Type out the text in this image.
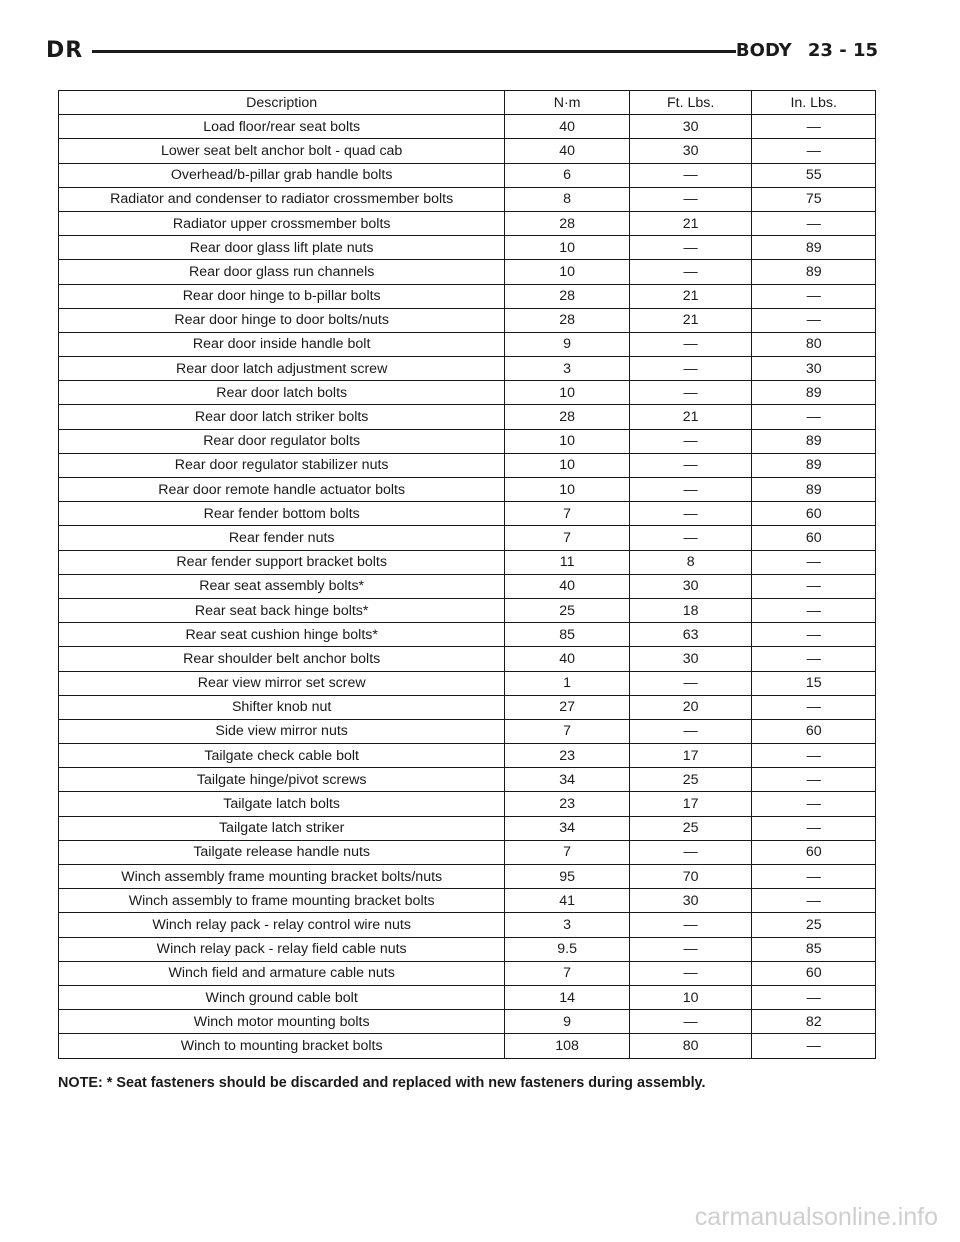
DR	BODY 23 - 15
Description	N·m	Ft. Lbs.	In. Lbs.
Load floor/rear seat bolts	40	30	—
Lower seat belt anchor bolt - quad cab	40	30	—
Overhead/b-pillar grab handle bolts	6	—	55
Radiator and condenser to radiator crossmember bolts	8	—	75
Radiator upper crossmember bolts	28	21	—
Rear door glass lift plate nuts	10	—	89
Rear door glass run channels	10	—	89
Rear door hinge to b-pillar bolts	28	21	—
Rear door hinge to door bolts/nuts	28	21	—
Rear door inside handle bolt	9	—	80
Rear door latch adjustment screw	3	—	30
Rear door latch bolts	10	—	89
Rear door latch striker bolts	28	21	—
Rear door regulator bolts	10	—	89
Rear door regulator stabilizer nuts	10	—	89
Rear door remote handle actuator bolts	10	—	89
Rear fender bottom bolts	7	—	60
Rear fender nuts	7	—	60
Rear fender support bracket bolts	11	8	—
Rear seat assembly bolts*	40	30	—
Rear seat back hinge bolts*	25	18	—
Rear seat cushion hinge bolts*	85	63	—
Rear shoulder belt anchor bolts	40	30	—
Rear view mirror set screw	1	—	15
Shifter knob nut	27	20	—
Side view mirror nuts	7	—	60
Tailgate check cable bolt	23	17	—
Tailgate hinge/pivot screws	34	25	—
Tailgate latch bolts	23	17	—
Tailgate latch striker	34	25	—
Tailgate release handle nuts	7	—	60
Winch assembly frame mounting bracket bolts/nuts	95	70	—
Winch assembly to frame mounting bracket bolts	41	30	—
Winch relay pack - relay control wire nuts	3	—	25
Winch relay pack - relay field cable nuts	9.5	—	85
Winch field and armature cable nuts	7	—	60
Winch ground cable bolt	14	10	—
Winch motor mounting bolts	9	—	82
Winch to mounting bracket bolts	108	80	—
NOTE: * Seat fasteners should be discarded and replaced with new fasteners during assembly.
carmanualsonline.info
